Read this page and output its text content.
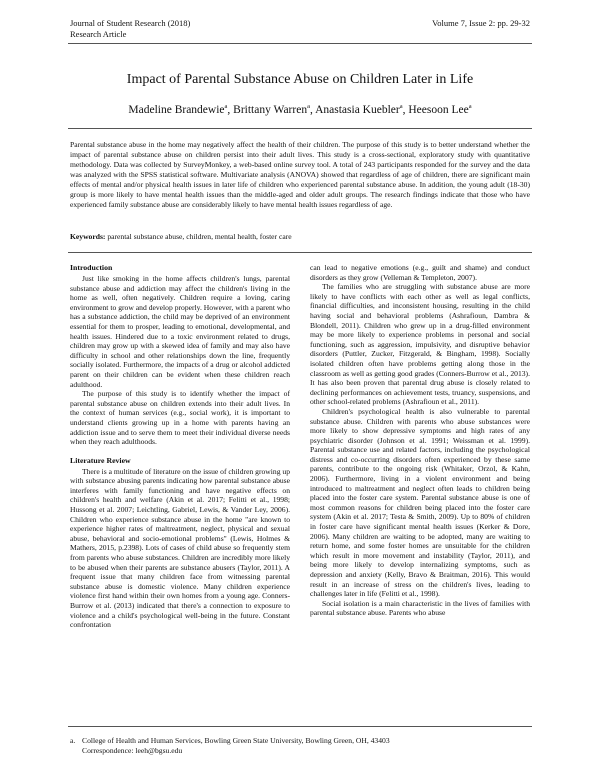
Journal of Student Research (2018)
Research Article
Volume 7, Issue 2: pp. 29-32
Impact of Parental Substance Abuse on Children Later in Life
Madeline Brandewie$^a$, Brittany Warren$^a$, Anastasia Kuebler$^a$, Heesoon Lee$^a$

Parental substance abuse in the home may negatively affect the health of their children. The purpose of this study is to better understand whether the impact of parental substance abuse on children persist into their adult lives. This study is a cross-sectional, exploratory study with quantitative methodology. Data was collected by SurveyMonkey, a web-based online survey tool. A total of 243 participants responded for the survey and the data was analyzed with the SPSS statistical software. Multivariate analysis (ANOVA) showed that regardless of age of children, there are significant main effects of mental and/or physical health issues in later life of children who experienced parental substance abuse. In addition, the young adult (18-30) group is more likely to have mental health issues than the middle-aged and older adult groups. The research findings indicate that those who have experienced family substance abuse are considerably likely to have mental health issues regardless of age.

Keywords: parental substance abuse, children, mental health, foster care

Introduction

Just like smoking in the home affects children's lungs, parental substance abuse and addiction may affect the children's living in the home as well, often negatively. Children require a loving, caring environment to grow and develop properly. However, with a parent who has a substance addiction, the child may be deprived of an environment essential for them to prosper, leading to emotional, developmental, and health issues. Hindered due to a toxic environment related to drugs, children may grow up with a skewed idea of family and may also have difficulty in school and other relationships down the line, frequently socially isolated. Furthermore, the impacts of a drug or alcohol addicted parent on their children can be evident when these children reach adulthood.

The purpose of this study is to identify whether the impact of parental substance abuse on children extends into their adult lives. In the context of human services (e.g., social work), it is important to understand clients growing up in a home with parents having an addiction issue and to serve them to meet their individual diverse needs when they reach adulthoods.

Literature Review

There is a multitude of literature on the issue of children growing up with substance abusing parents indicating how parental substance abuse interferes with family functioning and have negative effects on children's health and welfare (Akin et al. 2017; Felitti et al., 1998; Hussong et al. 2007; Leichtling, Gabriel, Lewis, & Vander Ley, 2006). Children who experience substance abuse in the home "are known to experience higher rates of maltreatment, neglect, physical and sexual abuse, behavioral and socio-emotional problems" (Lewis, Holmes & Mathers, 2015, p.2398). Lots of cases of child abuse so frequently stem from parents who abuse substances. Children are incredibly more likely to be abused when their parents are substance abusers (Taylor, 2011). A frequent issue that many children face from witnessing parental substance abuse is domestic violence. Many children experience violence first hand within their own homes from a young age. Conners-Burrow et al. (2013) indicated that there's a connection to exposure to violence and a child's psychological well-being in the future. Constant confrontation

can lead to negative emotions (e.g., guilt and shame) and conduct disorders as they grow (Velleman & Templeton, 2007).

The families who are struggling with substance abuse are more likely to have conflicts with each other as well as legal conflicts, financial difficulties, and inconsistent housing, resulting in the child having social and behavioral problems (Ashrafioun, Dambra & Blondell, 2011). Children who grew up in a drug-filled environment may be more likely to experience problems in personal and social functioning, such as aggression, impulsivity, and disruptive behavior disorders (Puttler, Zucker, Fitzgerald, & Bingham, 1998). Socially isolated children often have problems getting along those in the classroom as well as getting good grades (Conners-Burrow et al., 2013). It has also been proven that parental drug abuse is closely related to declining performances on achievement tests, truancy, suspensions, and other school-related problems (Ashrafioun et al., 2011).

Children's psychological health is also vulnerable to parental substance abuse. Children with parents who abuse substances were more likely to show depressive symptoms and high rates of any psychiatric disorder (Johnson et al. 1991; Weissman et al. 1999). Parental substance use and related factors, including the psychological distress and co-occurring disorders often experienced by these same parents, contribute to the ongoing risk (Whitaker, Orzol, & Kahn, 2006). Furthermore, living in a violent environment and being introduced to maltreatment and neglect often leads to children being placed into the foster care system. Parental substance abuse is one of most common reasons for children being placed into the foster care system (Akin et al. 2017; Testa & Smith, 2009). Up to 80% of children in foster care have significant mental health issues (Kerker & Dore, 2006). Many children are waiting to be adopted, many are waiting to return home, and some foster homes are unsuitable for the children which result in more movement and instability (Taylor, 2011), and being more likely to develop internalizing symptoms, such as depression and anxiety (Kelly, Bravo & Braitman, 2016). This would result in an increase of stress on the children's lives, leading to challenges later in life (Felitti et al., 1998).

Social isolation is a main characteristic in the lives of families with parental substance abuse. Parents who abuse

a. College of Health and Human Services, Bowling Green State University, Bowling Green, OH, 43403
Correspondence: leeh@bgsu.edu
